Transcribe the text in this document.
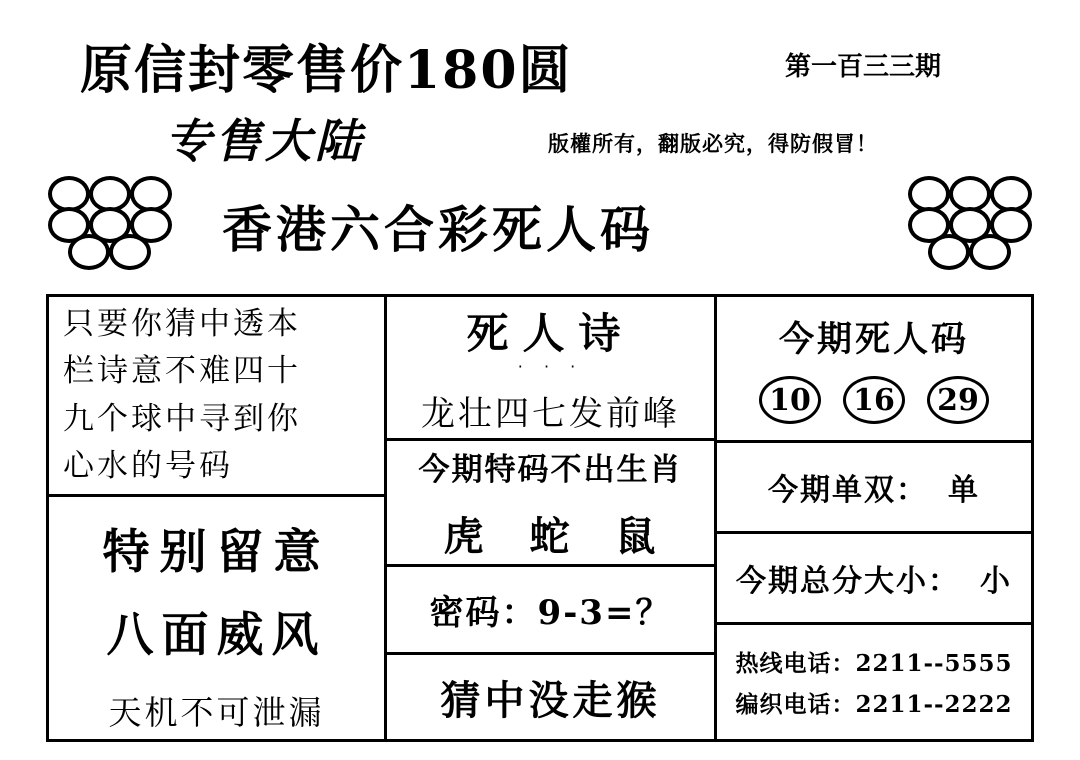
原信封零售价180圆	第一百三三期
专售大陆	版權所有，翻版必究，得防假冒！
香港六合彩死人码
只要你猜中透本
栏诗意不难四十
九个球中寻到你
心水的号码
特别留意
八面威风
天机不可泄漏
死人诗
· · ·
龙壮四七发前峰
今期特码不出生肖
虎 蛇 鼠
密码：9-3=？
猜中没走猴
今期死人码
10	16	29
今期单双： 单
今期总分大小： 小
热线电话：2211--5555
编织电话：2211--2222
